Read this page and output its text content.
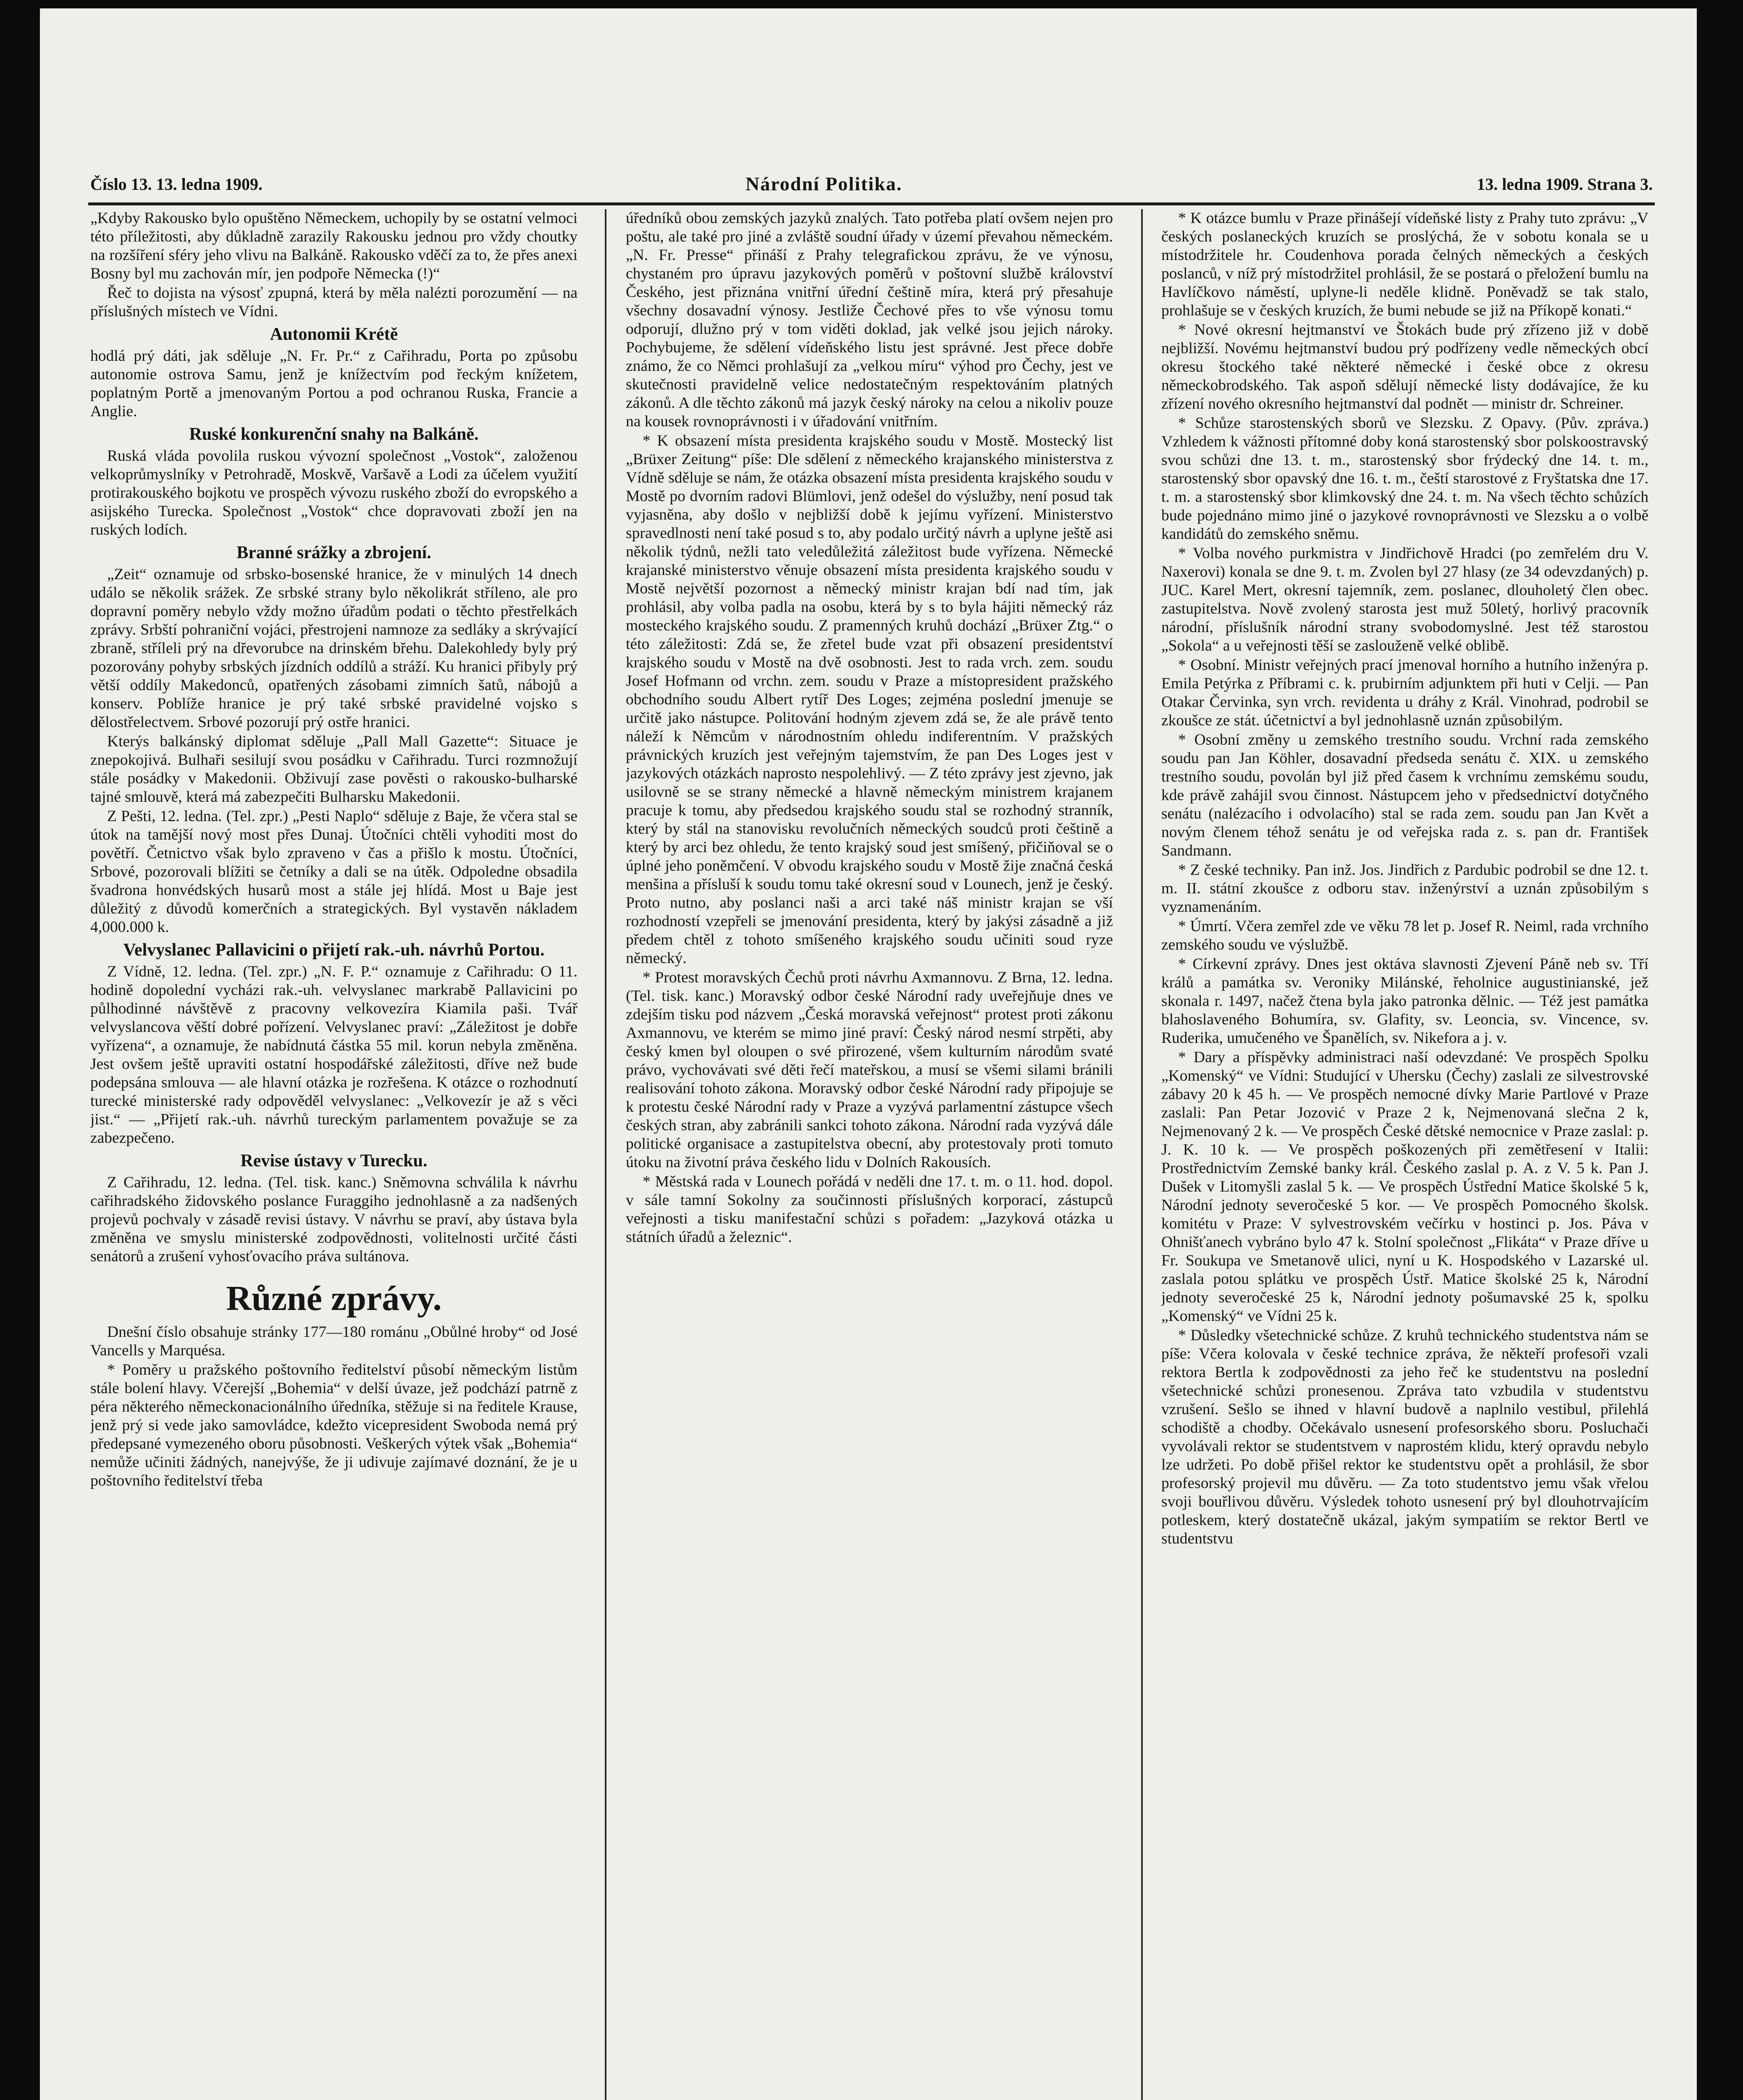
Číslo 13. 13. ledna 1909.	Národní Politika.	13. ledna 1909. Strana 3.

„Kdyby Rakousko bylo opuštěno Německem, uchopily by se ostatní velmoci této příležitosti, aby důkladně zarazily Rakousku jednou pro vždy choutky na rozšíření sféry jeho vlivu na Balkáně. Rakousko vděčí za to, že přes anexi Bosny byl mu zachován mír, jen podpoře Německa (!)“

Řeč to dojista na výsosť zpupná, která by měla nalézti porozumění — na příslušných místech ve Vídni.

Autonomii Krétě

hodlá prý dáti, jak sděluje „N. Fr. Pr.“ z Cařihradu, Porta po způsobu autonomie ostrova Samu, jenž je knížectvím pod řeckým knížetem, poplatným Portě a jmenovaným Portou a pod ochranou Ruska, Francie a Anglie.

Ruské konkurenční snahy na Balkáně.

Ruská vláda povolila ruskou vývozní společnost „Vostok“, založenou velkoprůmyslníky v Petrohradě, Moskvě, Varšavě a Lodi za účelem využití protirakouského bojkotu ve prospěch vývozu ruského zboží do evropského a asijského Turecka. Společnost „Vostok“ chce dopravovati zboží jen na ruských lodích.

Branné srážky a zbrojení.

„Zeit“ oznamuje od srbsko-bosenské hranice, že v minulých 14 dnech událo se několik srážek. Ze srbské strany bylo několikrát stříleno, ale pro dopravní poměry nebylo vždy možno úřadům podati o těchto přestřelkách zprávy. Srbští pohraniční vojáci, přestrojeni namnoze za sedláky a skrývající zbraně, stříleli prý na dřevorubce na drinském břehu. Dalekohledy byly prý pozorovány pohyby srbských jízdních oddílů a stráží. Ku hranici přibyly prý větší oddíly Makedonců, opatřených zásobami zimních šatů, nábojů a konserv. Poblíže hranice je prý také srbské pravidelné vojsko s dělostřelectvem. Srbové pozorují prý ostře hranici.

Kterýs balkánský diplomat sděluje „Pall Mall Gazette“: Situace je znepokojivá. Bulhaři sesilují svou posádku v Cařihradu. Turci rozmnožují stále posádky v Makedonii. Obživují zase pověsti o rakousko-bulharské tajné smlouvě, která má zabezpečiti Bulharsku Makedonii.

Z Pešti, 12. ledna. (Tel. zpr.) „Pesti Naplo“ sděluje z Baje, že včera stal se útok na tamější nový most přes Dunaj. Útočníci chtěli vyhoditi most do povětří. Četnictvo však bylo zpraveno v čas a přišlo k mostu. Útočníci, Srbové, pozorovali blížiti se četníky a dali se na útěk. Odpoledne obsadila švadrona honvédských husarů most a stále jej hlídá. Most u Baje jest důležitý z důvodů komerčních a strategických. Byl vystavěn nákladem 4,000.000 k.

Velvyslanec Pallavicini o přijetí rak.-uh. návrhů Portou.

Z Vídně, 12. ledna. (Tel. zpr.) „N. F. P.“ oznamuje z Cařihradu: O 11. hodině dopolední vycházi rak.-uh. velvyslanec markrabě Pallavicini po půlhodinné návštěvě z pracovny velkovezíra Kiamila paši. Tvář velvyslancova věští dobré pořízení. Velvyslanec praví: „Záležitost je dobře vyřízena“, a oznamuje, že nabídnutá částka 55 mil. korun nebyla změněna. Jest ovšem ještě upraviti ostatní hospodářské záležitosti, dříve než bude podepsána smlouva — ale hlavní otázka je rozřešena. K otázce o rozhodnutí turecké ministerské rady odpověděl velvyslanec: „Velkovezír je až s věci jist.“ — „Přijetí rak.-uh. návrhů tureckým parlamentem považuje se za zabezpečeno.

Revise ústavy v Turecku.

Z Cařihradu, 12. ledna. (Tel. tisk. kanc.) Sněmovna schválila k návrhu cařihradského židovského poslance Furaggiho jednohlasně a za nadšených projevů pochvaly v zásadě revisi ústavy. V návrhu se praví, aby ústava byla změněna ve smyslu ministerské zodpovědnosti, volitelnosti určité části senátorů a zrušení vyhosťovacího práva sultánova.

Různé zprávy.

Dnešní číslo obsahuje stránky 177—180 románu „Obůlné hroby“ od José Vancells y Marquésa.

* Poměry u pražského poštovního ředitelství působí německým listům stále bolení hlavy. Včerejší „Bohemia“ v delší úvaze, jež podchází patrně z péra některého německonacionálního úředníka, stěžuje si na ředitele Krause, jenž prý si vede jako samovládce, kdežto vicepresident Swoboda nemá prý předepsané vymezeného oboru působnosti. Veškerých výtek však „Bohemia“ nemůže učiniti žádných, nanejvýše, že ji udivuje zajímavé doznání, že je u poštovního ředitelství třeba

úředníků obou zemských jazyků znalých. Tato potřeba platí ovšem nejen pro poštu, ale také pro jiné a zvláště soudní úřady v území převahou německém. „N. Fr. Presse“ přináší z Prahy telegrafickou zprávu, že ve výnosu, chystaném pro úpravu jazykových poměrů v poštovní službě království Českého, jest přiznána vnitřní úřední češtině míra, která prý přesahuje všechny dosavadní výnosy. Jestliže Čechové přes to vše výnosu tomu odporují, dlužno prý v tom viděti doklad, jak velké jsou jejich nároky. Pochybujeme, že sdělení vídeňského listu jest správné. Jest přece dobře známo, že co Němci prohlašují za „velkou míru“ výhod pro Čechy, jest ve skutečnosti pravidelně velice nedostatečným respektováním platných zákonů. A dle těchto zákonů má jazyk český nároky na celou a nikoliv pouze na kousek rovnoprávnosti i v úřadování vnitřním.

* K obsazení místa presidenta krajského soudu v Mostě. Mostecký list „Brüxer Zeitung“ píše: Dle sdělení z německého krajanského ministerstva z Vídně sděluje se nám, že otázka obsazení místa presidenta krajského soudu v Mostě po dvorním radovi Blümlovi, jenž odešel do výslužby, není posud tak vyjasněna, aby došlo v nejbližší době k jejímu vyřízení. Ministerstvo spravedlnosti není také posud s to, aby podalo určitý návrh a uplyne ještě asi několik týdnů, nežli tato veledůležitá záležitost bude vyřízena. Německé krajanské ministerstvo věnuje obsazení místa presidenta krajského soudu v Mostě největší pozornost a německý ministr krajan bdí nad tím, jak prohlásil, aby volba padla na osobu, která by s to byla hájiti německý ráz mosteckého krajského soudu. Z pramenných kruhů dochází „Brüxer Ztg.“ o této záležitosti: Zdá se, že zřetel bude vzat při obsazení presidentství krajského soudu v Mostě na dvě osobnosti. Jest to rada vrch. zem. soudu Josef Hofmann od vrchn. zem. soudu v Praze a místopresident pražského obchodního soudu Albert rytíř Des Loges; zejména poslední jmenuje se určitě jako nástupce. Politování hodným zjevem zdá se, že ale právě tento náleží k Němcům v národnostním ohledu indiferentním. V pražských právnických kruzích jest veřejným tajemstvím, že pan Des Loges jest v jazykových otázkách naprosto nespolehlivý. — Z této zprávy jest zjevno, jak usilovně se se strany německé a hlavně německým ministrem krajanem pracuje k tomu, aby předsedou krajského soudu stal se rozhodný stranník, který by stál na stanovisku revolučních německých soudců proti češtině a který by arci bez ohledu, že tento krajský soud jest smíšený, přičiňoval se o úplné jeho poněmčení. V obvodu krajského soudu v Mostě žije značná česká menšina a přísluší k soudu tomu také okresní soud v Lounech, jenž je český. Proto nutno, aby poslanci naši a arci také náš ministr krajan se vší rozhodností vzepřeli se jmenování presidenta, který by jakýsi zásadně a již předem chtěl z tohoto smíšeného krajského soudu učiniti soud ryze německý.

* Protest moravských Čechů proti návrhu Axmannovu. Z Brna, 12. ledna. (Tel. tisk. kanc.) Moravský odbor české Národní rady uveřejňuje dnes ve zdejším tisku pod názvem „Česká moravská veřejnost“ protest proti zákonu Axmannovu, ve kterém se mimo jiné praví: Český národ nesmí strpěti, aby český kmen byl oloupen o své přirozené, všem kulturním národům svaté právo, vychovávati své děti řečí mateřskou, a musí se všemi silami bránili realisování tohoto zákona. Moravský odbor české Národní rady připojuje se k protestu české Národní rady v Praze a vyzývá parlamentní zástupce všech českých stran, aby zabránili sankci tohoto zákona. Národní rada vyzývá dále politické organisace a zastupitelstva obecní, aby protestovaly proti tomuto útoku na životní práva českého lidu v Dolních Rakousích.

* Městská rada v Lounech pořádá v neděli dne 17. t. m. o 11. hod. dopol. v sále tamní Sokolny za součinnosti příslušných korporací, zástupců veřejnosti a tisku manifestační schůzi s pořadem: „Jazyková otázka u státních úřadů a železnic“.

* K otázce bumlu v Praze přinášejí vídeňské listy z Prahy tuto zprávu: „V českých poslaneckých kruzích se proslýchá, že v sobotu konala se u místodržitele hr. Coudenhova porada čelných německých a českých poslanců, v níž prý místodržitel prohlásil, že se postará o přeložení bumlu na Havlíčkovo náměstí, uplyne-li neděle klidně. Poněvadž se tak stalo, prohlašuje se v českých kruzích, že bumi nebude se již na Příkopě konati.“

* Nové okresní hejtmanství ve Štokách bude prý zřízeno již v době nejbližší. Novému hejtmanství budou prý podřízeny vedle německých obcí okresu štockého také některé německé i české obce z okresu německobrodského. Tak aspoň sdělují německé listy dodávajíce, že ku zřízení nového okresního hejtmanství dal podnět — ministr dr. Schreiner.

* Schůze starostenských sborů ve Slezsku. Z Opavy. (Pův. zpráva.) Vzhledem k vážnosti přítomné doby koná starostenský sbor polskoostravský svou schůzi dne 13. t. m., starostenský sbor frýdecký dne 14. t. m., starostenský sbor opavský dne 16. t. m., čeští starostové z Fryštatska dne 17. t. m. a starostenský sbor klimkovský dne 24. t. m. Na všech těchto schůzích bude pojednáno mimo jiné o jazykové rovnoprávnosti ve Slezsku a o volbě kandidátů do zemského sněmu.

* Volba nového purkmistra v Jindřichově Hradci (po zemřelém dru V. Naxerovi) konala se dne 9. t. m. Zvolen byl 27 hlasy (ze 34 odevzdaných) p. JUC. Karel Mert, okresní tajemník, zem. poslanec, dlouholetý člen obec. zastupitelstva. Nově zvolený starosta jest muž 50letý, horlivý pracovník národní, příslušník národní strany svobodomyslné. Jest též starostou „Sokola“ a u veřejnosti těší se zaslouženě velké oblibě.

* Osobní. Ministr veřejných prací jmenoval horního a hutního inženýra p. Emila Petýrka z Příbrami c. k. prubirním adjunktem při huti v Celji. — Pan Otakar Červinka, syn vrch. revidenta u dráhy z Král. Vinohrad, podrobil se zkoušce ze stát. účetnictví a byl jednohlasně uznán způsobilým.

* Osobní změny u zemského trestního soudu. Vrchní rada zemského soudu pan Jan Köhler, dosavadní předseda senátu č. XIX. u zemského trestního soudu, povolán byl již před časem k vrchnímu zemskému soudu, kde právě zahájil svou činnost. Nástupcem jeho v předsednictví dotyčného senátu (nalézacího i odvolacího) stal se rada zem. soudu pan Jan Květ a novým členem téhož senátu je od veřejska rada z. s. pan dr. František Sandmann.

* Z české techniky. Pan inž. Jos. Jindřich z Pardubic podrobil se dne 12. t. m. II. státní zkoušce z odboru stav. inženýrství a uznán způsobilým s vyznamenáním.

* Úmrtí. Včera zemřel zde ve věku 78 let p. Josef R. Neiml, rada vrchního zemského soudu ve výslužbě.

* Církevní zprávy. Dnes jest oktáva slavnosti Zjevení Páně neb sv. Tří králů a památka sv. Veroniky Milánské, řeholnice augustinianské, jež skonala r. 1497, načež čtena byla jako patronka dělnic. — Též jest památka blahoslaveného Bohumíra, sv. Glafity, sv. Leoncia, sv. Vincence, sv. Ruderika, umučeného ve Španělích, sv. Nikefora a j. v.

* Dary a příspěvky administraci naší odevzdané: Ve prospěch Spolku „Komenský“ ve Vídni: Studující v Uhersku (Čechy) zaslali ze silvestrovské zábavy 20 k 45 h. — Ve prospěch nemocné dívky Marie Partlové v Praze zaslali: Pan Petar Jozović v Praze 2 k, Nejmenovaná slečna 2 k, Nejmenovaný 2 k. — Ve prospěch České dětské nemocnice v Praze zaslal: p. J. K. 10 k. — Ve prospěch poškozených při zemětřesení v Italii: Prostřednictvím Zemské banky král. Českého zaslal p. A. z V. 5 k. Pan J. Dušek v Litomyšli zaslal 5 k. — Ve prospěch Ústřední Matice školské 5 k, Národní jednoty severočeské 5 kor. — Ve prospěch Pomocného školsk. komitétu v Praze: V sylvestrovském večírku v hostinci p. Jos. Páva v Ohnišťanech vybráno bylo 47 k. Stolní společnost „Flikáta“ v Praze dříve u Fr. Soukupa ve Smetanově ulici, nyní u K. Hospodského v Lazarské ul. zaslala potou splátku ve prospěch Ústř. Matice školské 25 k, Národní jednoty severočeské 25 k, Národní jednoty pošumavské 25 k, spolku „Komenský“ ve Vídni 25 k.

* Důsledky všetechnické schůze. Z kruhů technického studentstva nám se píše: Včera kolovala v české technice zpráva, že někteří profesoři vzali rektora Bertla k zodpovědnosti za jeho řeč ke studentstvu na poslední všetechnické schůzi pronesenou. Zpráva tato vzbudila v studentstvu vzrušení. Sešlo se ihned v hlavní budově a naplnilo vestibul, přilehlá schodiště a chodby. Očekávalo usnesení profesorského sboru. Posluchači vyvolávali rektor se studentstvem v naprostém klidu, který opravdu nebylo lze udržeti. Po době přišel rektor ke studentstvu opět a prohlásil, že sbor profesorský projevil mu důvěru. — Za toto studentstvo jemu však vřelou svoji bouřlivou důvěru. Výsledek tohoto usnesení prý byl dlouhotrvajícím potleskem, který dostatečně ukázal, jakým sympatiím se rektor Bertl ve studentstvu
